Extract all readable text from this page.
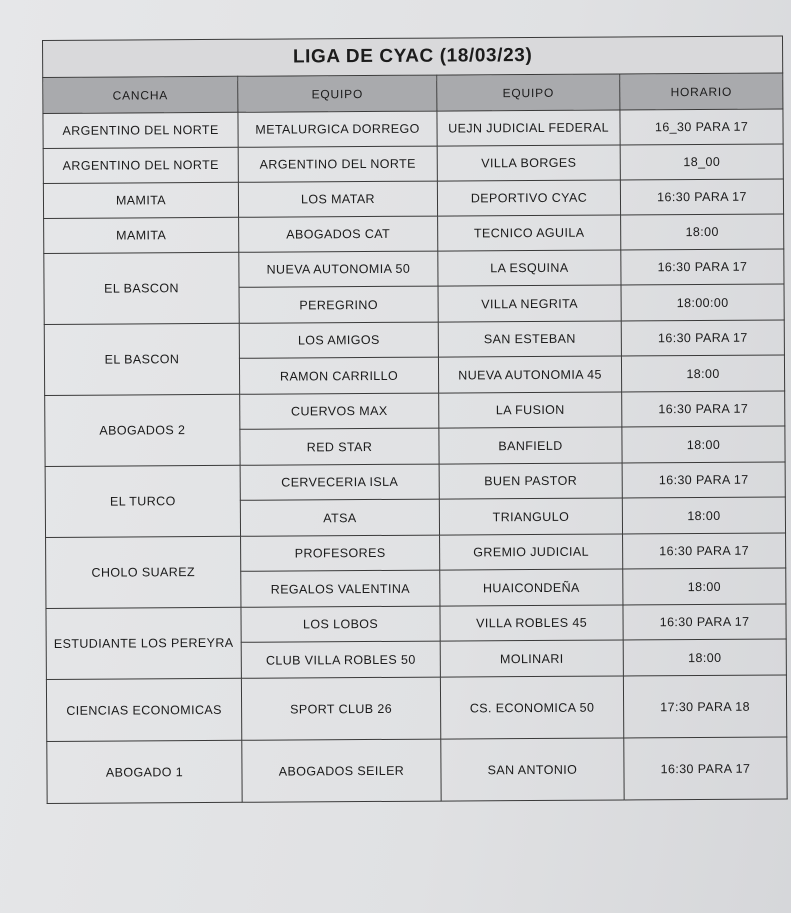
LIGA DE CYAC (18/03/23)			
CANCHA	EQUIPO	EQUIPO	HORARIO
ARGENTINO DEL NORTE	METALURGICA DORREGO	UEJN JUDICIAL FEDERAL	16_30 PARA 17
ARGENTINO DEL NORTE	ARGENTINO DEL NORTE	VILLA BORGES	18_00
MAMITA	LOS MATAR	DEPORTIVO CYAC	16:30 PARA 17
MAMITA	ABOGADOS CAT	TECNICO AGUILA	18:00
EL BASCON	NUEVA AUTONOMIA 50	LA ESQUINA	16:30 PARA 17
	PEREGRINO	VILLA NEGRITA	18:00:00
EL BASCON	LOS AMIGOS	SAN ESTEBAN	16:30 PARA 17
	RAMON CARRILLO	NUEVA AUTONOMIA 45	18:00
ABOGADOS 2	CUERVOS MAX	LA FUSION	16:30 PARA 17
	RED STAR	BANFIELD	18:00
EL TURCO	CERVECERIA ISLA	BUEN PASTOR	16:30 PARA 17
	ATSA	TRIANGULO	18:00
CHOLO SUAREZ	PROFESORES	GREMIO JUDICIAL	16:30 PARA 17
	REGALOS VALENTINA	HUAICONDEÑA	18:00
ESTUDIANTE LOS PEREYRA	LOS LOBOS	VILLA ROBLES 45	16:30 PARA 17
	CLUB VILLA ROBLES 50	MOLINARI	18:00
CIENCIAS ECONOMICAS	SPORT CLUB 26	CS. ECONOMICA 50	17:30 PARA 18
ABOGADO 1	ABOGADOS SEILER	SAN ANTONIO	16:30 PARA 17
